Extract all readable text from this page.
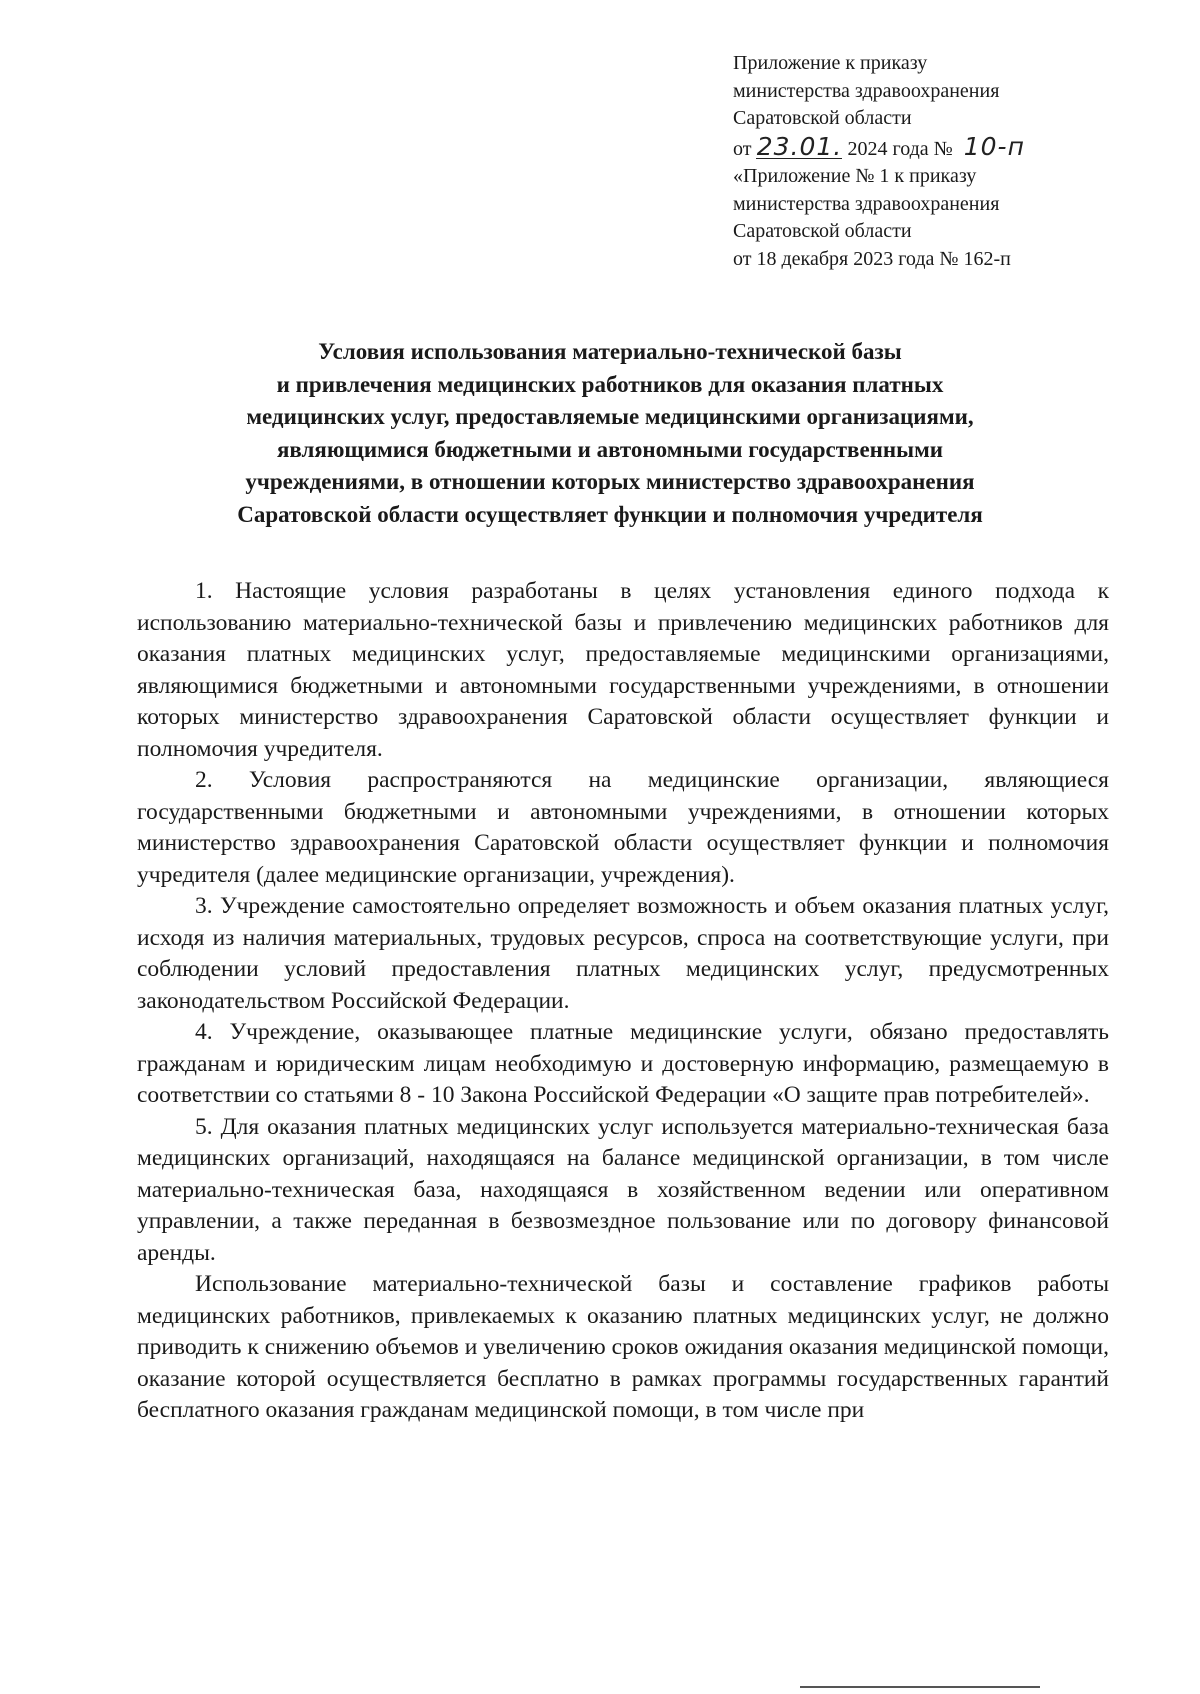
Приложение к приказу
министерства здравоохранения
Саратовской области
от 23.01. 2024 года № 10-п
«Приложение № 1 к приказу
министерства здравоохранения
Саратовской области
от 18 декабря 2023 года № 162-п
Условия использования материально-технической базы
и привлечения медицинских работников для оказания платных
медицинских услуг, предоставляемые медицинскими организациями,
являющимися бюджетными и автономными государственными
учреждениями, в отношении которых министерство здравоохранения
Саратовской области осуществляет функции и полномочия учредителя

1. Настоящие условия разработаны в целях установления единого подхода к использованию материально-технической базы и привлечению медицинских работников для оказания платных медицинских услуг, предоставляемые медицинскими организациями, являющимися бюджетными и автономными государственными учреждениями, в отношении которых министерство здравоохранения Саратовской области осуществляет функции и полномочия учредителя.

2. Условия распространяются на медицинские организации, являющиеся государственными бюджетными и автономными учреждениями, в отношении которых министерство здравоохранения Саратовской области осуществляет функции и полномочия учредителя (далее медицинские организации, учреждения).

3. Учреждение самостоятельно определяет возможность и объем оказания платных услуг, исходя из наличия материальных, трудовых ресурсов, спроса на соответствующие услуги, при соблюдении условий предоставления платных медицинских услуг, предусмотренных законодательством Российской Федерации.

4. Учреждение, оказывающее платные медицинские услуги, обязано предоставлять гражданам и юридическим лицам необходимую и достоверную информацию, размещаемую в соответствии со статьями 8 - 10 Закона Российской Федерации «О защите прав потребителей».

5. Для оказания платных медицинских услуг используется материально-техническая база медицинских организаций, находящаяся на балансе медицинской организации, в том числе материально-техническая база, находящаяся в хозяйственном ведении или оперативном управлении, а также переданная в безвозмездное пользование или по договору финансовой аренды.

Использование материально-технической базы и составление графиков работы медицинских работников, привлекаемых к оказанию платных медицинских услуг, не должно приводить к снижению объемов и увеличению сроков ожидания оказания медицинской помощи, оказание которой осуществляется бесплатно в рамках программы государственных гарантий бесплатного оказания гражданам медицинской помощи, в том числе при
